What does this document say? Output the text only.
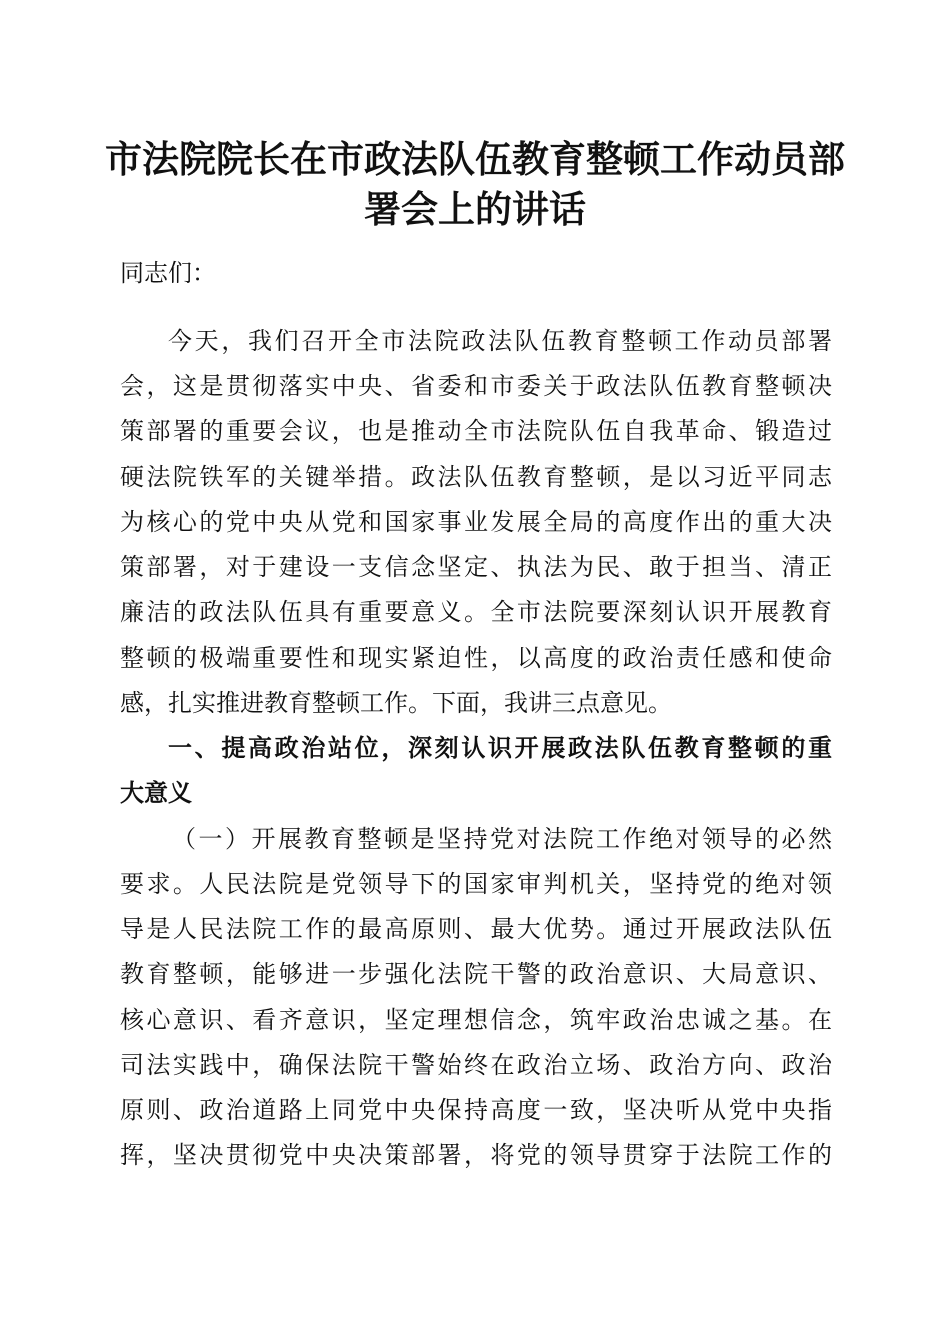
市法院院长在市政法队伍教育整顿工作动员部
署会上的讲话
同志们：
今天，我们召开全市法院政法队伍教育整顿工作动员部署
会，这是贯彻落实中央、省委和市委关于政法队伍教育整顿决
策部署的重要会议，也是推动全市法院队伍自我革命、锻造过
硬法院铁军的关键举措。政法队伍教育整顿，是以习近平同志
为核心的党中央从党和国家事业发展全局的高度作出的重大决
策部署，对于建设一支信念坚定、执法为民、敢于担当、清正
廉洁的政法队伍具有重要意义。全市法院要深刻认识开展教育
整顿的极端重要性和现实紧迫性，以高度的政治责任感和使命
感，扎实推进教育整顿工作。下面，我讲三点意见。
一、提高政治站位，深刻认识开展政法队伍教育整顿的重
大意义
（一）开展教育整顿是坚持党对法院工作绝对领导的必然
要求。人民法院是党领导下的国家审判机关，坚持党的绝对领
导是人民法院工作的最高原则、最大优势。通过开展政法队伍
教育整顿，能够进一步强化法院干警的政治意识、大局意识、
核心意识、看齐意识，坚定理想信念，筑牢政治忠诚之基。在
司法实践中，确保法院干警始终在政治立场、政治方向、政治
原则、政治道路上同党中央保持高度一致，坚决听从党中央指
挥，坚决贯彻党中央决策部署，将党的领导贯穿于法院工作的
